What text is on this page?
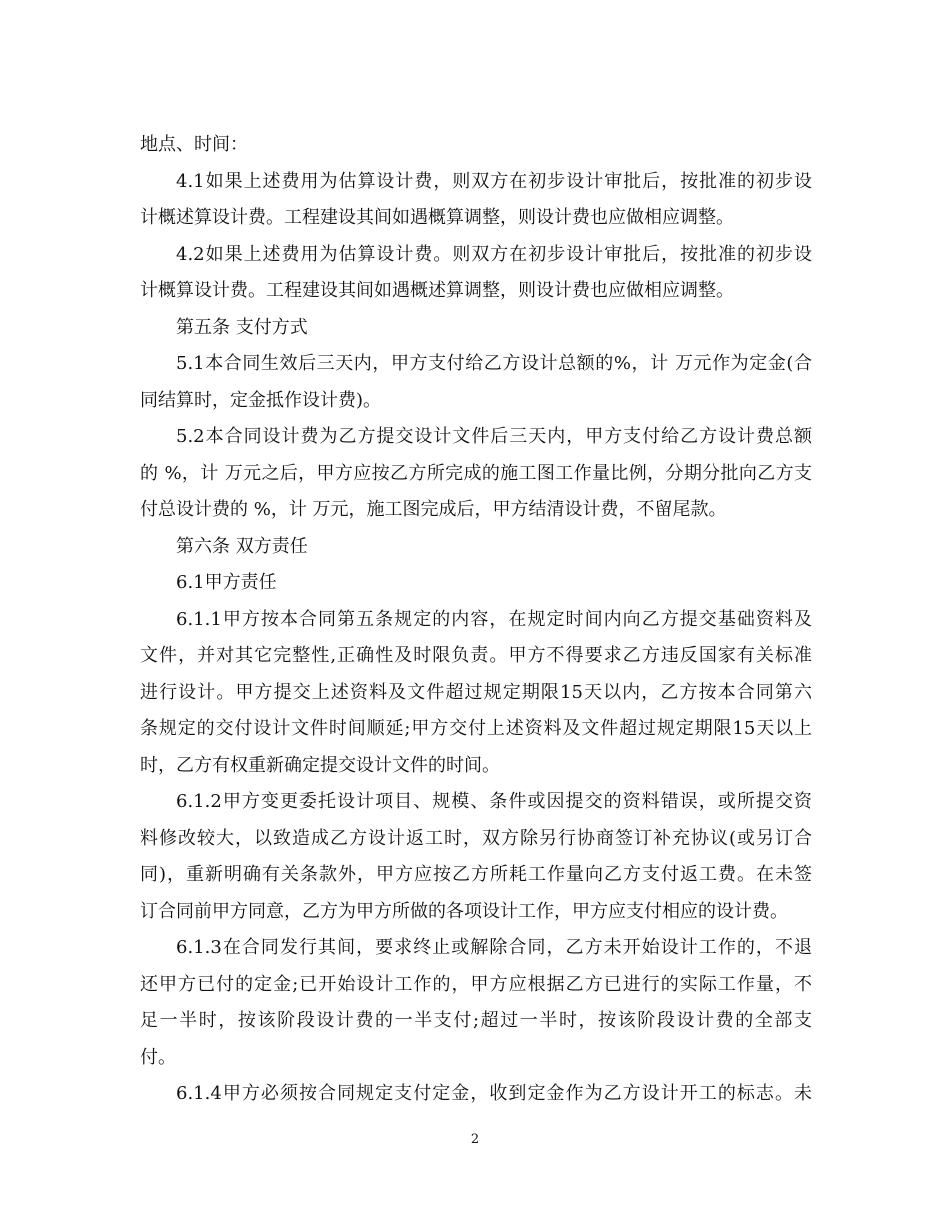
地点、时间：
4.1如果上述费用为估算设计费，则双方在初步设计审批后，按批准的初步设
计概述算设计费。工程建设其间如遇概算调整，则设计费也应做相应调整。
4.2如果上述费用为估算设计费。则双方在初步设计审批后，按批准的初步设
计概算设计费。工程建设其间如遇概述算调整，则设计费也应做相应调整。
第五条 支付方式
5.1本合同生效后三天内，甲方支付给乙方设计总额的%，计 万元作为定金(合
同结算时，定金抵作设计费)。
5.2本合同设计费为乙方提交设计文件后三天内，甲方支付给乙方设计费总额
的 %，计 万元之后，甲方应按乙方所完成的施工图工作量比例，分期分批向乙方支
付总设计费的 %，计 万元，施工图完成后，甲方结清设计费，不留尾款。
第六条 双方责任
6.1甲方责任
6.1.1甲方按本合同第五条规定的内容，在规定时间内向乙方提交基础资料及
文件，并对其它完整性,正确性及时限负责。甲方不得要求乙方违反国家有关标准
进行设计。甲方提交上述资料及文件超过规定期限15天以内，乙方按本合同第六
条规定的交付设计文件时间顺延;甲方交付上述资料及文件超过规定期限15天以上
时，乙方有权重新确定提交设计文件的时间。
6.1.2甲方变更委托设计项目、规模、条件或因提交的资料错误，或所提交资
料修改较大，以致造成乙方设计返工时，双方除另行协商签订补充协议(或另订合
同)，重新明确有关条款外，甲方应按乙方所耗工作量向乙方支付返工费。在未签
订合同前甲方同意，乙方为甲方所做的各项设计工作，甲方应支付相应的设计费。
6.1.3在合同发行其间，要求终止或解除合同，乙方未开始设计工作的，不退
还甲方已付的定金;已开始设计工作的，甲方应根据乙方已进行的实际工作量，不
足一半时，按该阶段设计费的一半支付;超过一半时，按该阶段设计费的全部支
付。
6.1.4甲方必须按合同规定支付定金，收到定金作为乙方设计开工的标志。未
2
